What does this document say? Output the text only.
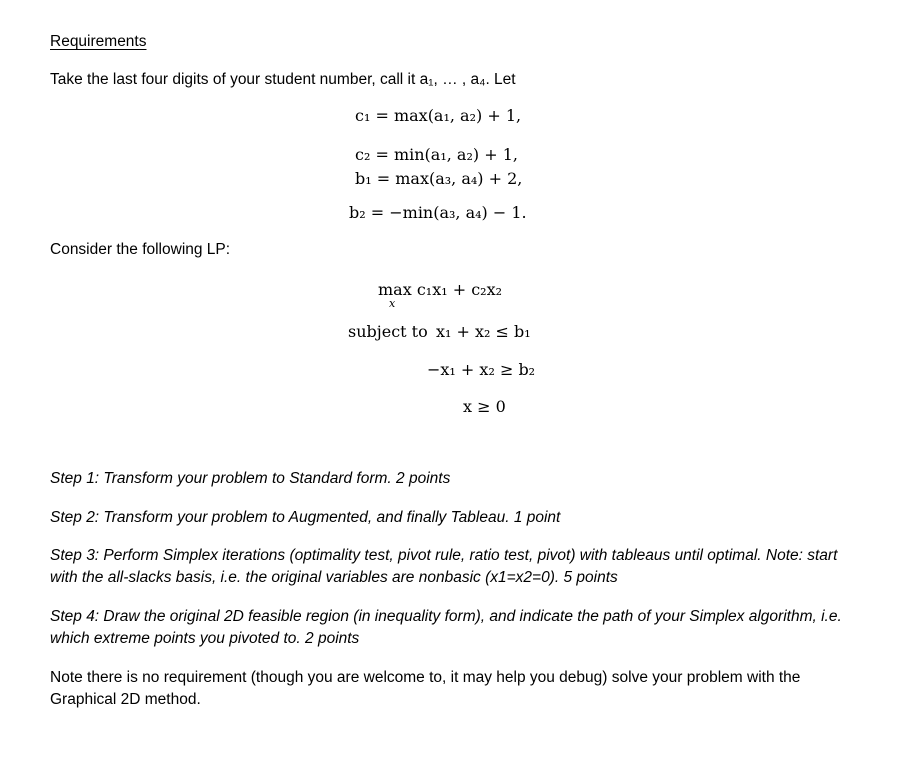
Requirements
Take the last four digits of your student number, call it a₁, … , a₄. Let
c₁ = max(a₁, a₂) + 1,
c₂ = min(a₁, a₂) + 1,
b₁ = max(a₃, a₄) + 2,
b₂ = −min(a₃, a₄) − 1.
Consider the following LP:
max c₁x₁ + c₂x₂
x
subject to x₁ + x₂ ≤ b₁
−x₁ + x₂ ≥ b₂
x ≥ 0
Step 1: Transform your problem to Standard form. 2 points
Step 2: Transform your problem to Augmented, and finally Tableau. 1 point
Step 3: Perform Simplex iterations (optimality test, pivot rule, ratio test, pivot) with tableaus until optimal. Note: start with the all-slacks basis, i.e. the original variables are nonbasic (x1=x2=0). 5 points
Step 4: Draw the original 2D feasible region (in inequality form), and indicate the path of your Simplex algorithm, i.e. which extreme points you pivoted to. 2 points
Note there is no requirement (though you are welcome to, it may help you debug) solve your problem with the Graphical 2D method.
